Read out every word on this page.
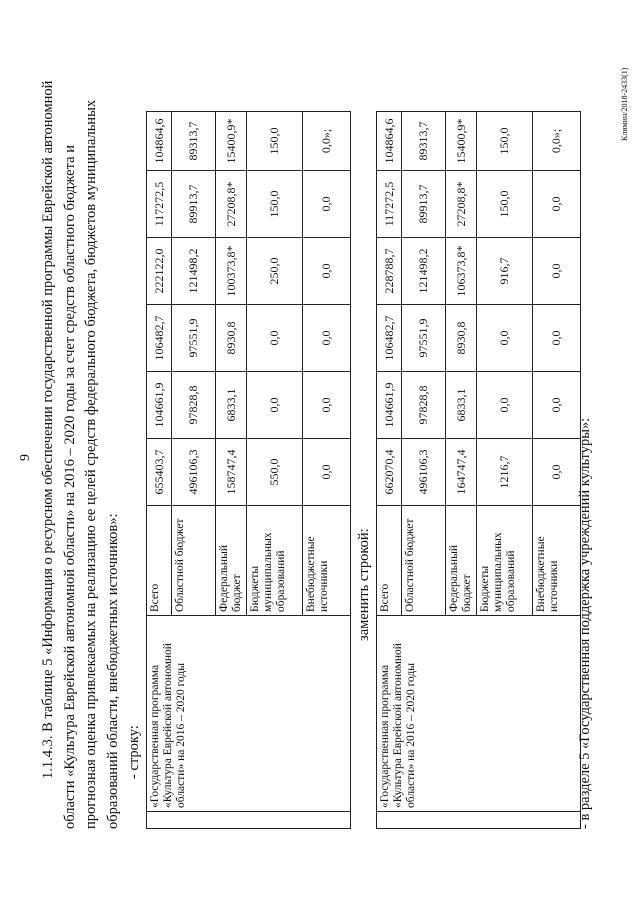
9 1.1.4.3. В таблице 5 «Информация о ресурсном обеспечении государственной программы Еврейской автономной области «Культура Еврейской автономной области» на 2016 – 2020 годы за счет средств областного бюджета и прогнозная оценка привлекаемых на реализацию ее целей средств федерального бюджета, бюджетов муниципальных образований области, внебюджетных источников»: - строку:
	«Государственная программа «Культура Еврейской автономной области» на 2016 – 2020 годы	Всего	655403,7	104661,9	106482,7	222122,0	117272,5	104864,6
		Областной бюджет	496106,3	97828,8	97551,9	121498,2	89913,7	89313,7
		Федеральный бюджет	158747,4	6833,1	8930,8	100373,8*	27208,8*	15400,9*
		Бюджеты муниципальных образований	550,0	0,0	0,0	250,0	150,0	150,0
		Внебюджетные источники	0,0	0,0	0,0	0,0	0,0	0,0»;
заменить строкой:
	«Государственная программа «Культура Еврейской автономной области» на 2016 – 2020 годы	Всего	662070,4	104661,9	106482,7	228788,7	117272,5	104864,6
		Областной бюджет	496106,3	97828,8	97551,9	121498,2	89913,7	89313,7
		Федеральный бюджет	164747,4	6833,1	8930,8	106373,8*	27208,8*	15400,9*
		Бюджеты муниципальных образований	1216,7	0,0	0,0	916,7	150,0	150,0
		Внебюджетные источники	0,0	0,0	0,0	0,0	0,0	0,0»;
- в разделе 5 «Государственная поддержка учреждений культуры»:
Климин/2018-2433(1)
